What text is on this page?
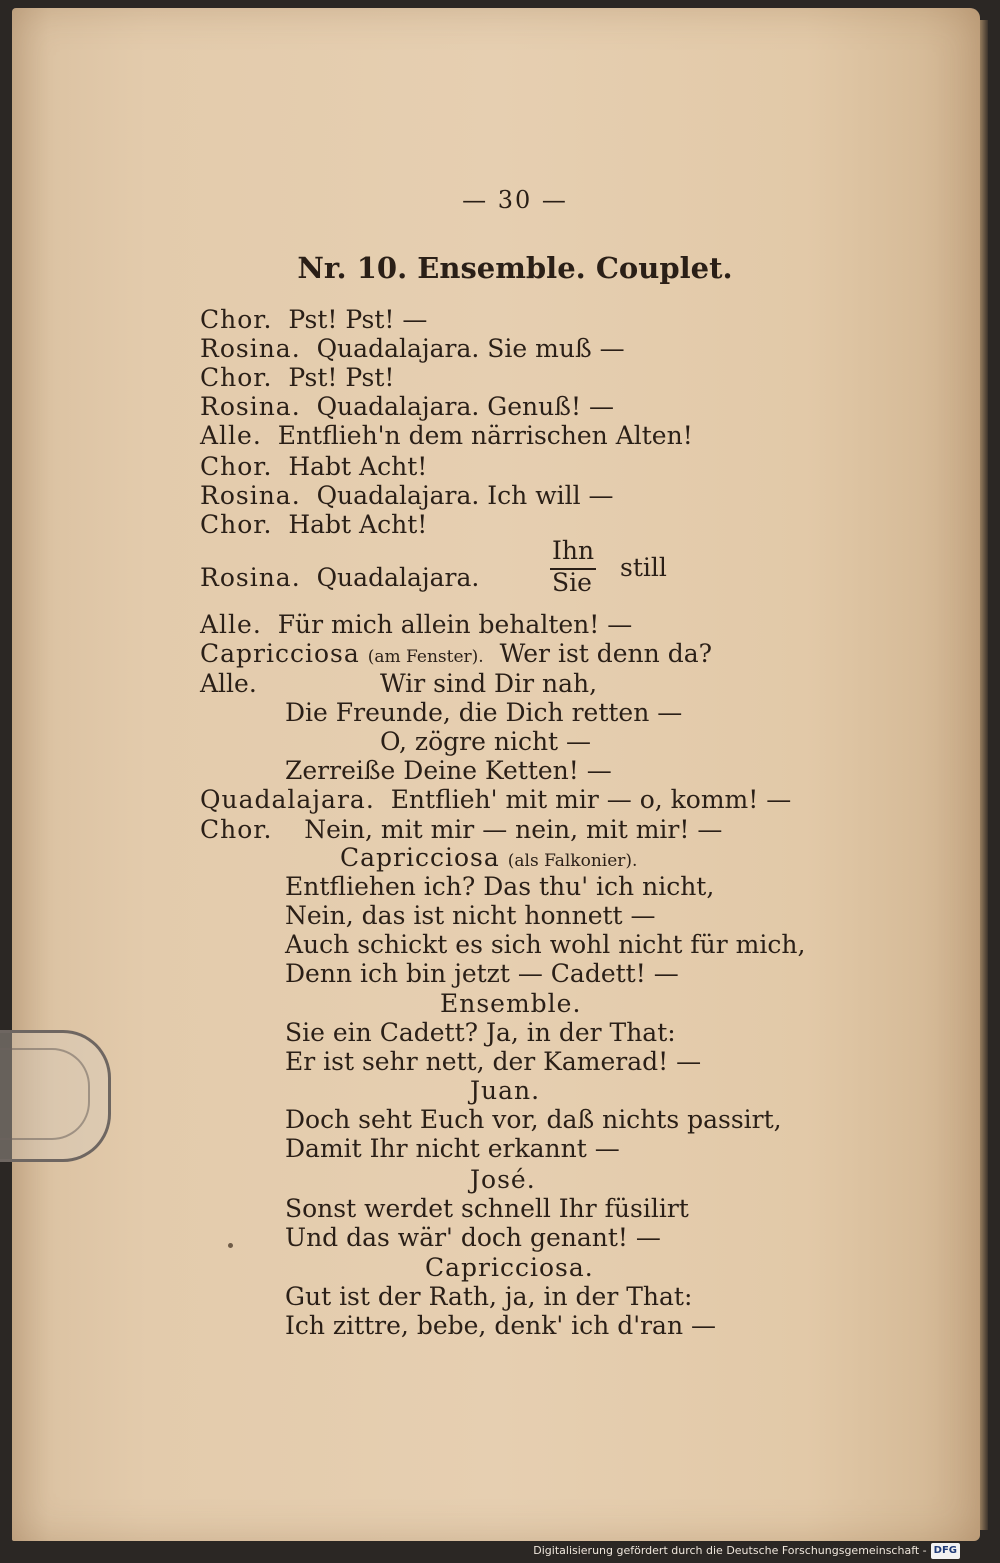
— 30 —
Nr. 10. Ensemble. Couplet.
Chor. Pst! Pst! —
Rosina. Quadalajara. Sie muß —
Chor. Pst! Pst!
Rosina. Quadalajara. Genuß! —
Alle. Entflieh'n dem närrischen Alten!
Chor. Habt Acht!
Rosina. Quadalajara. Ich will —
Chor. Habt Acht!
Rosina. Quadalajara.
Ihn
Sie
still
Alle. Für mich allein behalten! —
Capricciosa (am Fenster). Wer ist denn da?
Alle.	Wir sind Dir nah,
Die Freunde, die Dich retten —
O, zögre nicht —
Zerreiße Deine Ketten! —
Quadalajara. Entflieh' mit mir — o, komm! —
Chor. Nein, mit mir — nein, mit mir! —
Capricciosa (als Falkonier).
Entfliehen ich? Das thu' ich nicht,
Nein, das ist nicht honnett —
Auch schickt es sich wohl nicht für mich,
Denn ich bin jetzt — Cadett! —
Ensemble.
Sie ein Cadett? Ja, in der That:
Er ist sehr nett, der Kamerad! —
Juan.
Doch seht Euch vor, daß nichts passirt,
Damit Ihr nicht erkannt —
José.
Sonst werdet schnell Ihr füsilirt
Und das wär' doch genant! —
Capricciosa.
Gut ist der Rath, ja, in der That:
Ich zittre, bebe, denk' ich d'ran —
Digitalisierung gefördert durch die Deutsche Forschungsgemeinschaft - DFG
